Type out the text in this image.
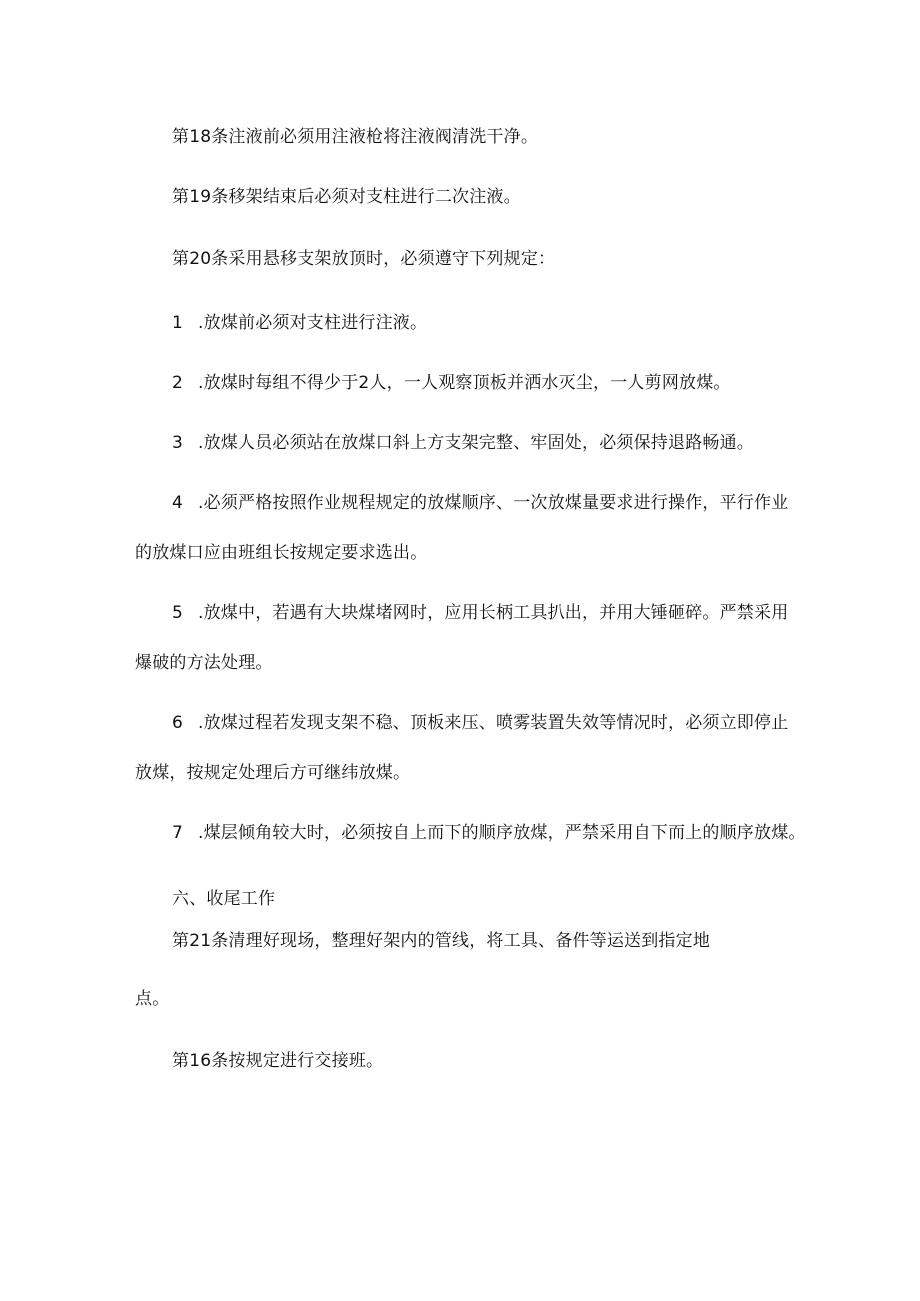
第18条注液前必须用注液枪将注液阀清洗干净。
第19条移架结束后必须对支柱进行二次注液。
第20条采用悬移支架放顶时，必须遵守下列规定：
1 .放煤前必须对支柱进行注液。
2 .放煤时每组不得少于2人，一人观察顶板并洒水灭尘，一人剪网放煤。
3 .放煤人员必须站在放煤口斜上方支架完整、牢固处，必须保持退路畅通。
4 .必须严格按照作业规程规定的放煤顺序、一次放煤量要求进行操作，平行作业
的放煤口应由班组长按规定要求选出。
5 .放煤中，若遇有大块煤堵网时，应用长柄工具扒出，并用大锤砸碎。严禁采用
爆破的方法处理。
6 .放煤过程若发现支架不稳、顶板来压、喷雾装置失效等情况时，必须立即停止
放煤，按规定处理后方可继纬放煤。
7 .煤层倾角较大时，必须按自上而下的顺序放煤，严禁采用自下而上的顺序放煤。
六、收尾工作
第21条清理好现场，整理好架内的管线，将工具、备件等运送到指定地
点。
第16条按规定进行交接班。
